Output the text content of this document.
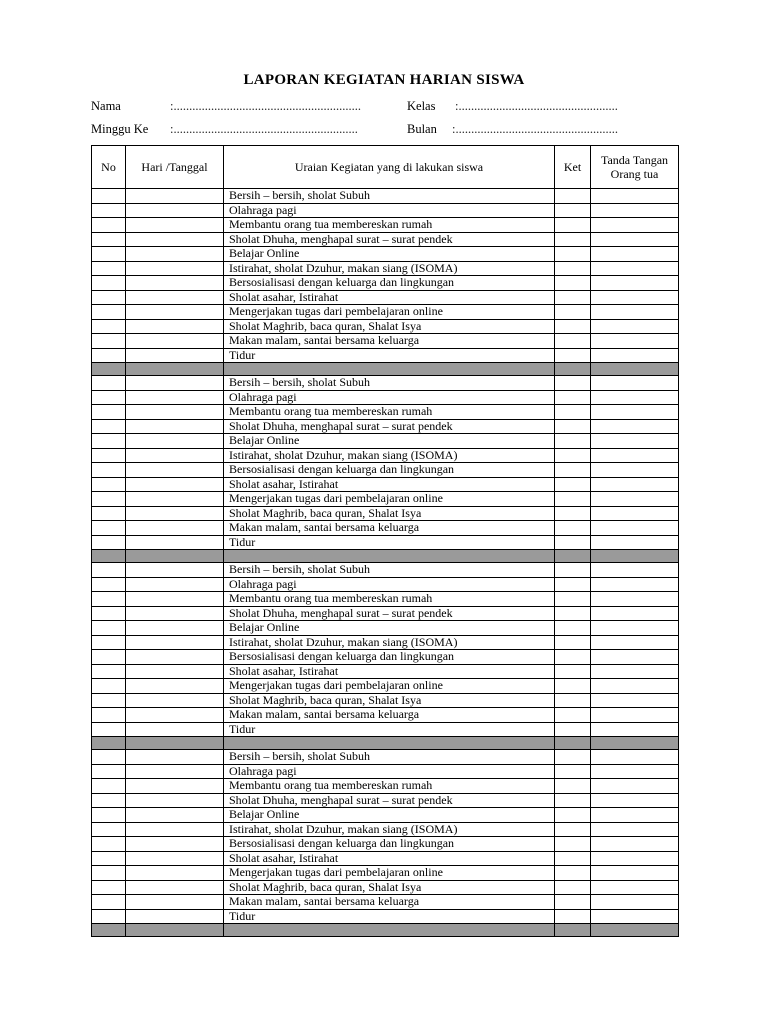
LAPORAN KEGIATAN HARIAN SISWA
Nama	:............................................................	Kelas :...................................................
Minggu Ke :...........................................................	Bulan :....................................................
No	Hari /Tanggal	Uraian Kegiatan yang di lakukan siswa	Ket	Tanda Tangan Orang tua
		Bersih – bersih, sholat Subuh		
		Olahraga pagi		
		Membantu orang tua membereskan rumah		
		Sholat Dhuha, menghapal surat – surat pendek		
		Belajar Online		
		Istirahat, sholat Dzuhur, makan siang (ISOMA)		
		Bersosialisasi dengan keluarga dan lingkungan		
		Sholat asahar, Istirahat		
		Mengerjakan tugas dari pembelajaran online		
		Sholat Maghrib, baca quran, Shalat Isya		
		Makan malam, santai bersama keluarga		
		Tidur		

		Bersih – bersih, sholat Subuh		
		Olahraga pagi		
		Membantu orang tua membereskan rumah		
		Sholat Dhuha, menghapal surat – surat pendek		
		Belajar Online		
		Istirahat, sholat Dzuhur, makan siang (ISOMA)		
		Bersosialisasi dengan keluarga dan lingkungan		
		Sholat asahar, Istirahat		
		Mengerjakan tugas dari pembelajaran online		
		Sholat Maghrib, baca quran, Shalat Isya		
		Makan malam, santai bersama keluarga		
		Tidur		

		Bersih – bersih, sholat Subuh		
		Olahraga pagi		
		Membantu orang tua membereskan rumah		
		Sholat Dhuha, menghapal surat – surat pendek		
		Belajar Online		
		Istirahat, sholat Dzuhur, makan siang (ISOMA)		
		Bersosialisasi dengan keluarga dan lingkungan		
		Sholat asahar, Istirahat		
		Mengerjakan tugas dari pembelajaran online		
		Sholat Maghrib, baca quran, Shalat Isya		
		Makan malam, santai bersama keluarga		
		Tidur		

		Bersih – bersih, sholat Subuh		
		Olahraga pagi		
		Membantu orang tua membereskan rumah		
		Sholat Dhuha, menghapal surat – surat pendek		
		Belajar Online		
		Istirahat, sholat Dzuhur, makan siang (ISOMA)		
		Bersosialisasi dengan keluarga dan lingkungan		
		Sholat asahar, Istirahat		
		Mengerjakan tugas dari pembelajaran online		
		Sholat Maghrib, baca quran, Shalat Isya		
		Makan malam, santai bersama keluarga		
		Tidur		
